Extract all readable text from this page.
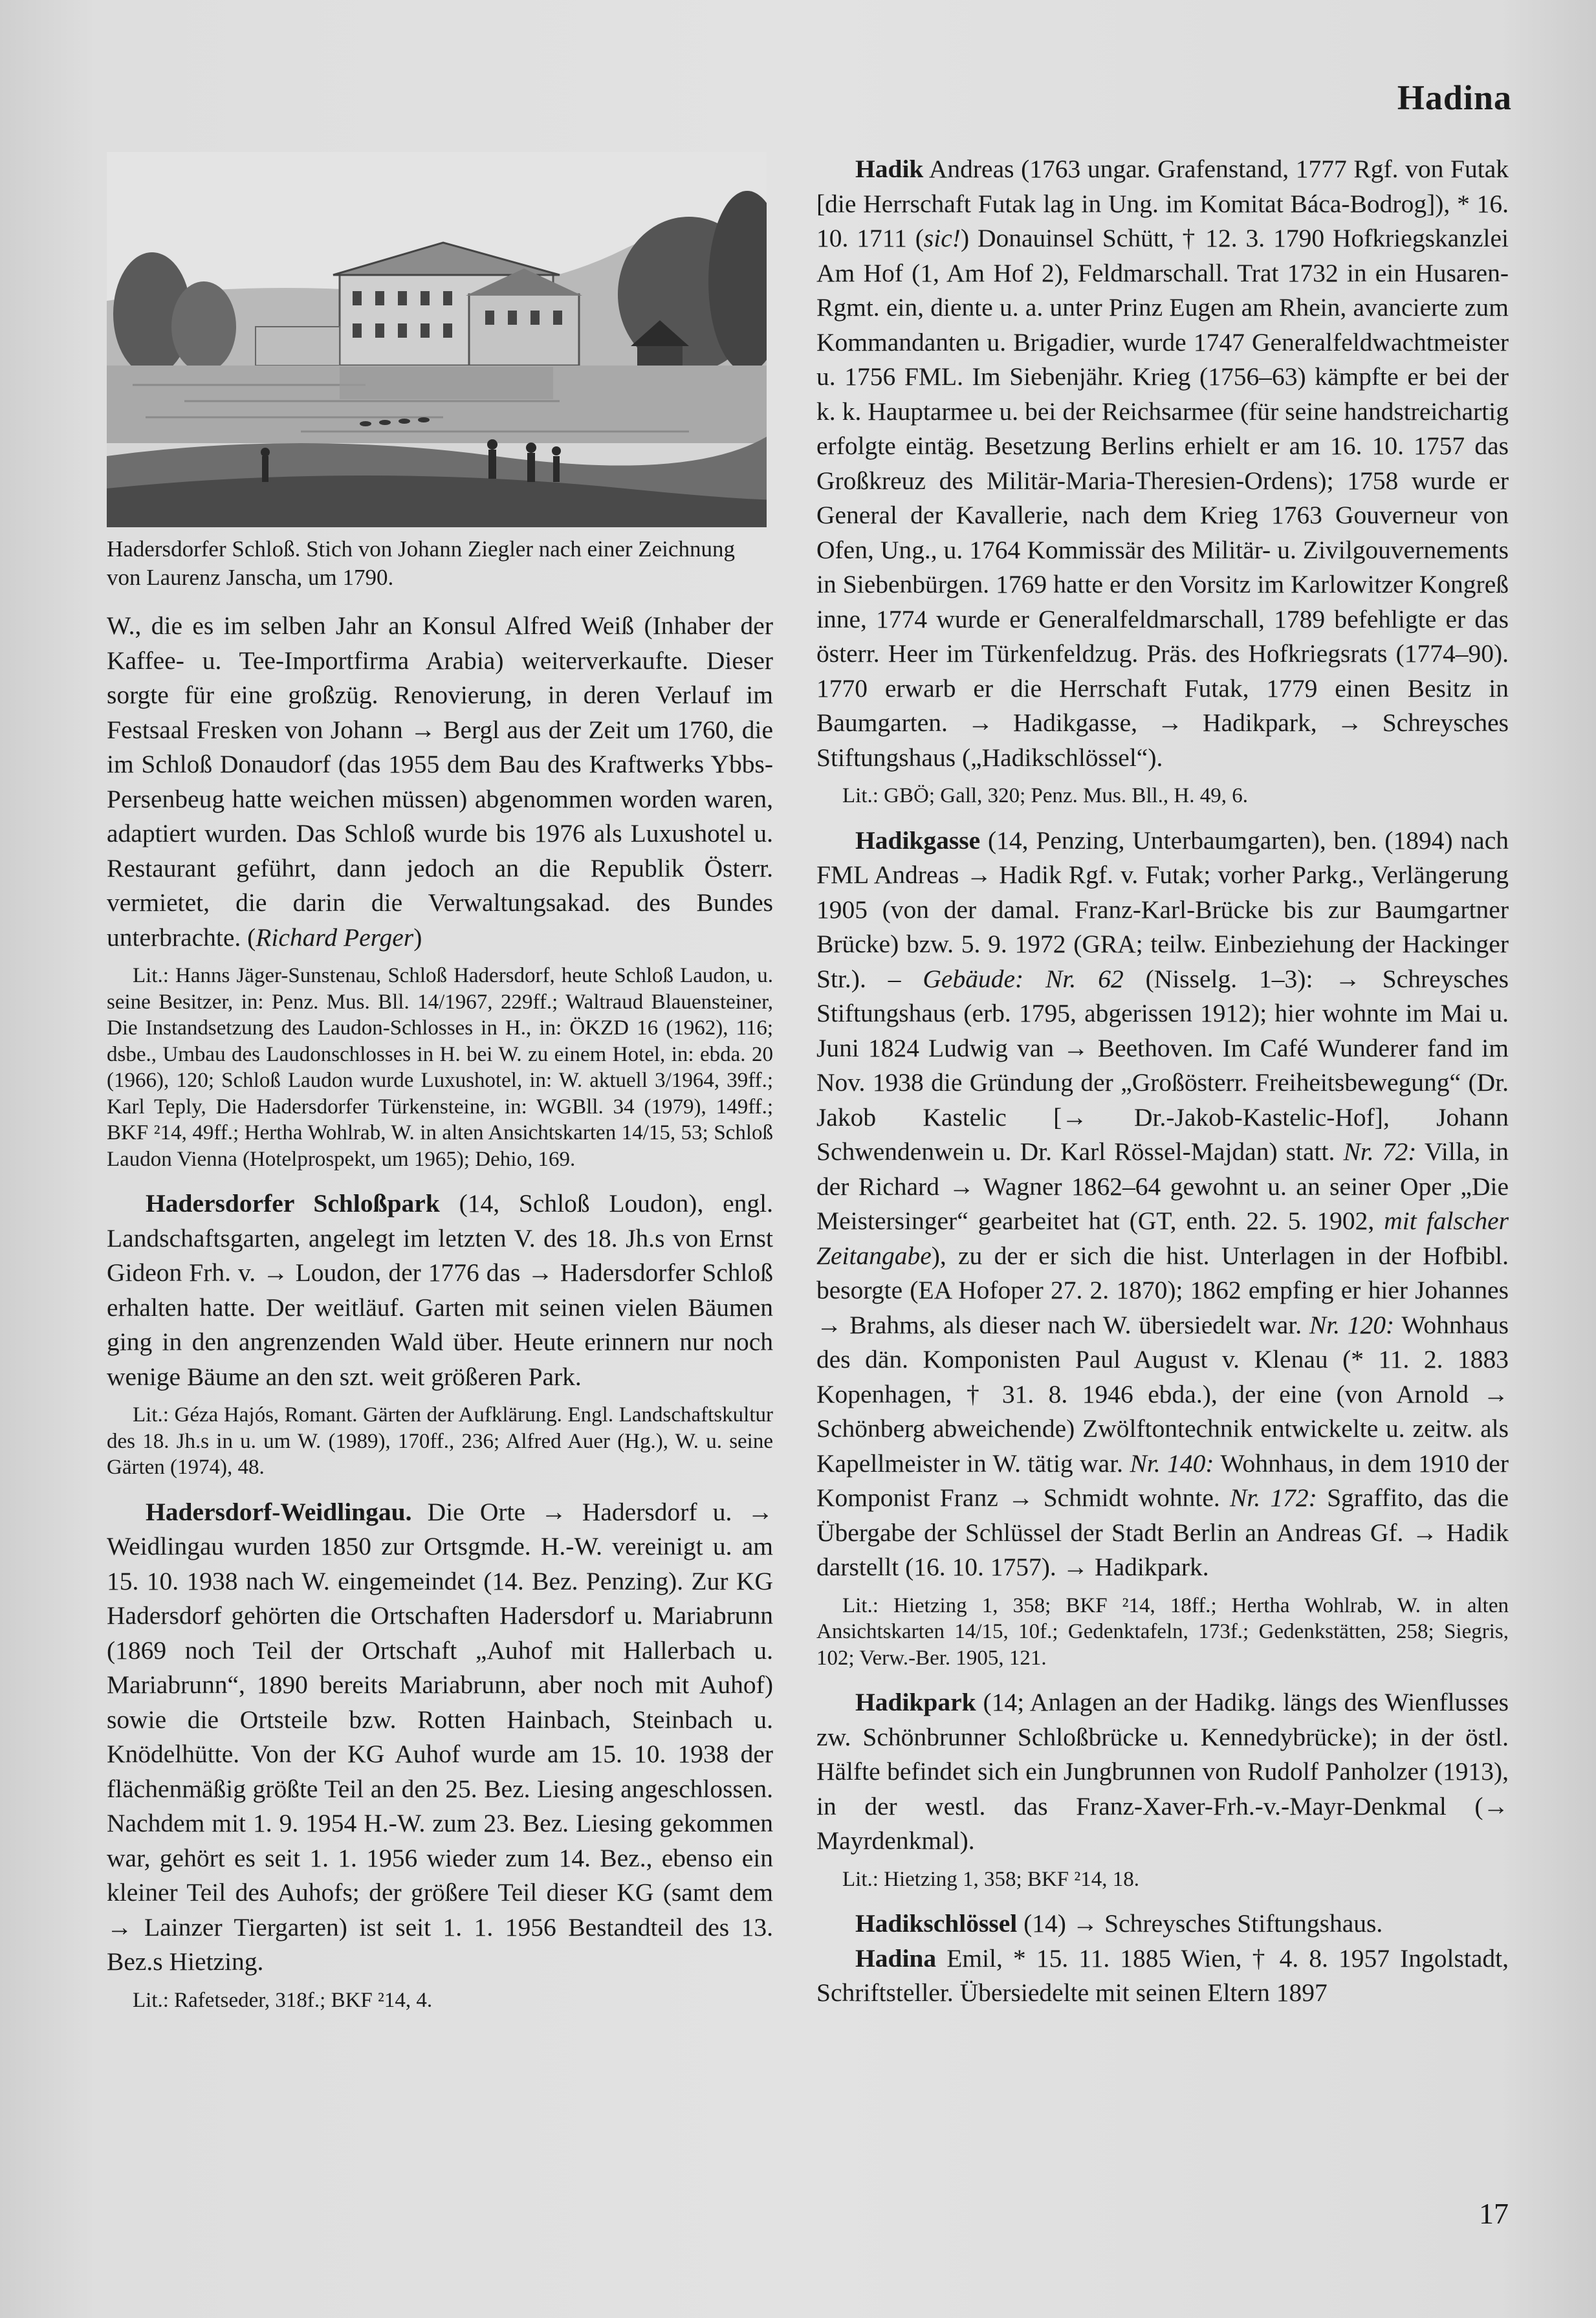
Hadina
Hadersdorfer Schloß. Stich von Johann Ziegler nach einer Zeichnung von Laurenz Janscha, um 1790.

W., die es im selben Jahr an Konsul Alfred Weiß (Inhaber der Kaffee- u. Tee-Importfirma Arabia) weiterverkaufte. Dieser sorgte für eine großzüg. Renovierung, in deren Verlauf im Festsaal Fresken von Johann → Bergl aus der Zeit um 1760, die im Schloß Donaudorf (das 1955 dem Bau des Kraftwerks Ybbs-Persenbeug hatte weichen müssen) abgenommen worden waren, adaptiert wurden. Das Schloß wurde bis 1976 als Luxushotel u. Restaurant geführt, dann jedoch an die Republik Österr. vermietet, die darin die Verwaltungsakad. des Bundes unterbrachte. (Richard Perger)

Lit.: Hanns Jäger-Sunstenau, Schloß Hadersdorf, heute Schloß Laudon, u. seine Besitzer, in: Penz. Mus. Bll. 14/1967, 229ff.; Waltraud Blauensteiner, Die Instandsetzung des Laudon-Schlosses in H., in: ÖKZD 16 (1962), 116; dsbe., Umbau des Laudonschlosses in H. bei W. zu einem Hotel, in: ebda. 20 (1966), 120; Schloß Laudon wurde Luxushotel, in: W. aktuell 3/1964, 39ff.; Karl Teply, Die Hadersdorfer Türkensteine, in: WGBll. 34 (1979), 149ff.; BKF ²14, 49ff.; Hertha Wohlrab, W. in alten Ansichtskarten 14/15, 53; Schloß Laudon Vienna (Hotelprospekt, um 1965); Dehio, 169.

Hadersdorfer Schloßpark (14, Schloß Loudon), engl. Landschaftsgarten, angelegt im letzten V. des 18. Jh.s von Ernst Gideon Frh. v. → Loudon, der 1776 das → Hadersdorfer Schloß erhalten hatte. Der weitläuf. Garten mit seinen vielen Bäumen ging in den angrenzenden Wald über. Heute erinnern nur noch wenige Bäume an den szt. weit größeren Park.

Lit.: Géza Hajós, Romant. Gärten der Aufklärung. Engl. Landschaftskultur des 18. Jh.s in u. um W. (1989), 170ff., 236; Alfred Auer (Hg.), W. u. seine Gärten (1974), 48.

Hadersdorf-Weidlingau. Die Orte → Hadersdorf u. → Weidlingau wurden 1850 zur Ortsgmde. H.-W. vereinigt u. am 15. 10. 1938 nach W. eingemeindet (14. Bez. Penzing). Zur KG Hadersdorf gehörten die Ortschaften Hadersdorf u. Mariabrunn (1869 noch Teil der Ortschaft „Auhof mit Hallerbach u. Mariabrunn“, 1890 bereits Mariabrunn, aber noch mit Auhof) sowie die Ortsteile bzw. Rotten Hainbach, Steinbach u. Knödelhütte. Von der KG Auhof wurde am 15. 10. 1938 der flächenmäßig größte Teil an den 25. Bez. Liesing angeschlossen. Nachdem mit 1. 9. 1954 H.-W. zum 23. Bez. Liesing gekommen war, gehört es seit 1. 1. 1956 wieder zum 14. Bez., ebenso ein kleiner Teil des Auhofs; der größere Teil dieser KG (samt dem → Lainzer Tiergarten) ist seit 1. 1. 1956 Bestandteil des 13. Bez.s Hietzing.

Lit.: Rafetseder, 318f.; BKF ²14, 4.

Hadik Andreas (1763 ungar. Grafenstand, 1777 Rgf. von Futak [die Herrschaft Futak lag in Ung. im Komitat Báca-Bodrog]), * 16. 10. 1711 (sic!) Donauinsel Schütt, † 12. 3. 1790 Hofkriegskanzlei Am Hof (1, Am Hof 2), Feldmarschall. Trat 1732 in ein Husaren-Rgmt. ein, diente u. a. unter Prinz Eugen am Rhein, avancierte zum Kommandanten u. Brigadier, wurde 1747 Generalfeldwachtmeister u. 1756 FML. Im Siebenjähr. Krieg (1756–63) kämpfte er bei der k. k. Hauptarmee u. bei der Reichsarmee (für seine handstreichartig erfolgte eintäg. Besetzung Berlins erhielt er am 16. 10. 1757 das Großkreuz des Militär-Maria-Theresien-Ordens); 1758 wurde er General der Kavallerie, nach dem Krieg 1763 Gouverneur von Ofen, Ung., u. 1764 Kommissär des Militär- u. Zivilgouvernements in Siebenbürgen. 1769 hatte er den Vorsitz im Karlowitzer Kongreß inne, 1774 wurde er Generalfeldmarschall, 1789 befehligte er das österr. Heer im Türkenfeldzug. Präs. des Hofkriegsrats (1774–90). 1770 erwarb er die Herrschaft Futak, 1779 einen Besitz in Baumgarten. → Hadikgasse, → Hadikpark, → Schreysches Stiftungshaus („Hadikschlössel“).

Lit.: GBÖ; Gall, 320; Penz. Mus. Bll., H. 49, 6.

Hadikgasse (14, Penzing, Unterbaumgarten), ben. (1894) nach FML Andreas → Hadik Rgf. v. Futak; vorher Parkg., Verlängerung 1905 (von der damal. Franz-Karl-Brücke bis zur Baumgartner Brücke) bzw. 5. 9. 1972 (GRA; teilw. Einbeziehung der Hackinger Str.). – Gebäude: Nr. 62 (Nisselg. 1–3): → Schreysches Stiftungshaus (erb. 1795, abgerissen 1912); hier wohnte im Mai u. Juni 1824 Ludwig van → Beethoven. Im Café Wunderer fand im Nov. 1938 die Gründung der „Großösterr. Freiheitsbewegung“ (Dr. Jakob Kastelic [→ Dr.-Jakob-Kastelic-Hof], Johann Schwendenwein u. Dr. Karl Rössel-Majdan) statt. Nr. 72: Villa, in der Richard → Wagner 1862–64 gewohnt u. an seiner Oper „Die Meistersinger“ gearbeitet hat (GT, enth. 22. 5. 1902, mit falscher Zeitangabe), zu der er sich die hist. Unterlagen in der Hofbibl. besorgte (EA Hofoper 27. 2. 1870); 1862 empfing er hier Johannes → Brahms, als dieser nach W. übersiedelt war. Nr. 120: Wohnhaus des dän. Komponisten Paul August v. Klenau (* 11. 2. 1883 Kopenhagen, † 31. 8. 1946 ebda.), der eine (von Arnold → Schönberg abweichende) Zwölftontechnik entwickelte u. zeitw. als Kapellmeister in W. tätig war. Nr. 140: Wohnhaus, in dem 1910 der Komponist Franz → Schmidt wohnte. Nr. 172: Sgraffito, das die Übergabe der Schlüssel der Stadt Berlin an Andreas Gf. → Hadik darstellt (16. 10. 1757). → Hadikpark.

Lit.: Hietzing 1, 358; BKF ²14, 18ff.; Hertha Wohlrab, W. in alten Ansichtskarten 14/15, 10f.; Gedenktafeln, 173f.; Gedenkstätten, 258; Siegris, 102; Verw.-Ber. 1905, 121.

Hadikpark (14; Anlagen an der Hadikg. längs des Wienflusses zw. Schönbrunner Schloßbrücke u. Kennedybrücke); in der östl. Hälfte befindet sich ein Jungbrunnen von Rudolf Panholzer (1913), in der westl. das Franz-Xaver-Frh.-v.-Mayr-Denkmal (→ Mayrdenkmal).

Lit.: Hietzing 1, 358; BKF ²14, 18.

Hadikschlössel (14) → Schreysches Stiftungshaus.

Hadina Emil, * 15. 11. 1885 Wien, † 4. 8. 1957 Ingolstadt, Schriftsteller. Übersiedelte mit seinen Eltern 1897

17
